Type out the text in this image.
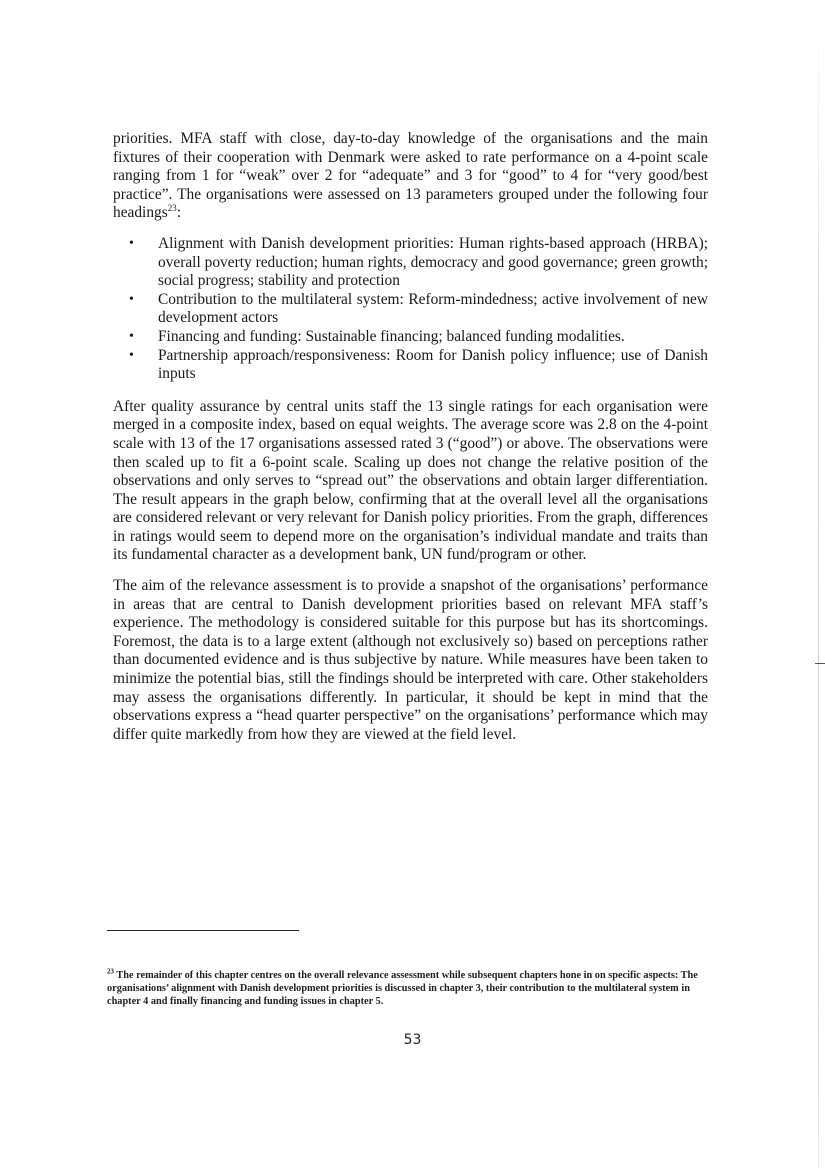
priorities. MFA staff with close, day-to-day knowledge of the organisations and the main fixtures of their cooperation with Denmark were asked to rate performance on a 4-point scale ranging from 1 for “weak” over 2 for “adequate” and 3 for “good” to 4 for “very good/best practice”. The organisations were assessed on 13 parameters grouped under the following four headings$^{23}$:

• Alignment with Danish development priorities: Human rights-based approach (HRBA); overall poverty reduction; human rights, democracy and good governance; green growth; social progress; stability and protection
• Contribution to the multilateral system: Reform-mindedness; active involvement of new development actors
• Financing and funding: Sustainable financing; balanced funding modalities.
• Partnership approach/responsiveness: Room for Danish policy influence; use of Danish inputs

After quality assurance by central units staff the 13 single ratings for each organisation were merged in a composite index, based on equal weights. The average score was 2.8 on the 4-point scale with 13 of the 17 organisations assessed rated 3 (“good”) or above. The observations were then scaled up to fit a 6-point scale. Scaling up does not change the relative position of the observations and only serves to “spread out” the observations and obtain larger differentiation. The result appears in the graph below, confirming that at the overall level all the organisations are considered relevant or very relevant for Danish policy priorities. From the graph, differences in ratings would seem to depend more on the organisation’s individual mandate and traits than its fundamental character as a development bank, UN fund/program or other.

The aim of the relevance assessment is to provide a snapshot of the organisations’ performance in areas that are central to Danish development priorities based on relevant MFA staff’s experience. The methodology is considered suitable for this purpose but has its shortcomings. Foremost, the data is to a large extent (although not exclusively so) based on perceptions rather than documented evidence and is thus subjective by nature. While measures have been taken to minimize the potential bias, still the findings should be interpreted with care. Other stakeholders may assess the organisations differently. In particular, it should be kept in mind that the observations express a “head quarter perspective” on the organisations’ performance which may differ quite markedly from how they are viewed at the field level.

$^{23}$ The remainder of this chapter centres on the overall relevance assessment while subsequent chapters hone in on specific aspects: The organisations’ alignment with Danish development priorities is discussed in chapter 3, their contribution to the multilateral system in chapter 4 and finally financing and funding issues in chapter 5.
53
